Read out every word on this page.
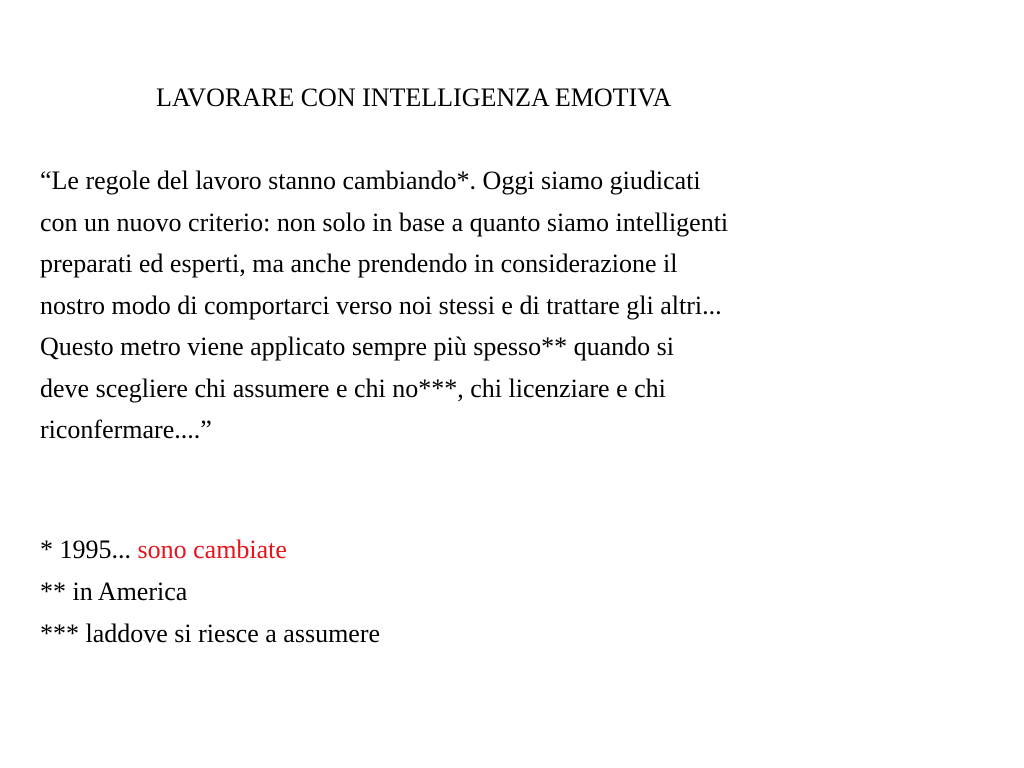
LAVORARE CON INTELLIGENZA EMOTIVA
“Le regole del lavoro stanno cambiando*. Oggi siamo giudicati
con un nuovo criterio: non solo in base a quanto siamo intelligenti
preparati ed esperti, ma anche prendendo in considerazione il
nostro modo di comportarci verso noi stessi e di trattare gli altri...
Questo metro viene applicato sempre più spesso** quando si
deve scegliere chi assumere e chi no***, chi licenziare e chi
riconfermare....”
* 1995... sono cambiate
** in America
*** laddove si riesce a assumere
